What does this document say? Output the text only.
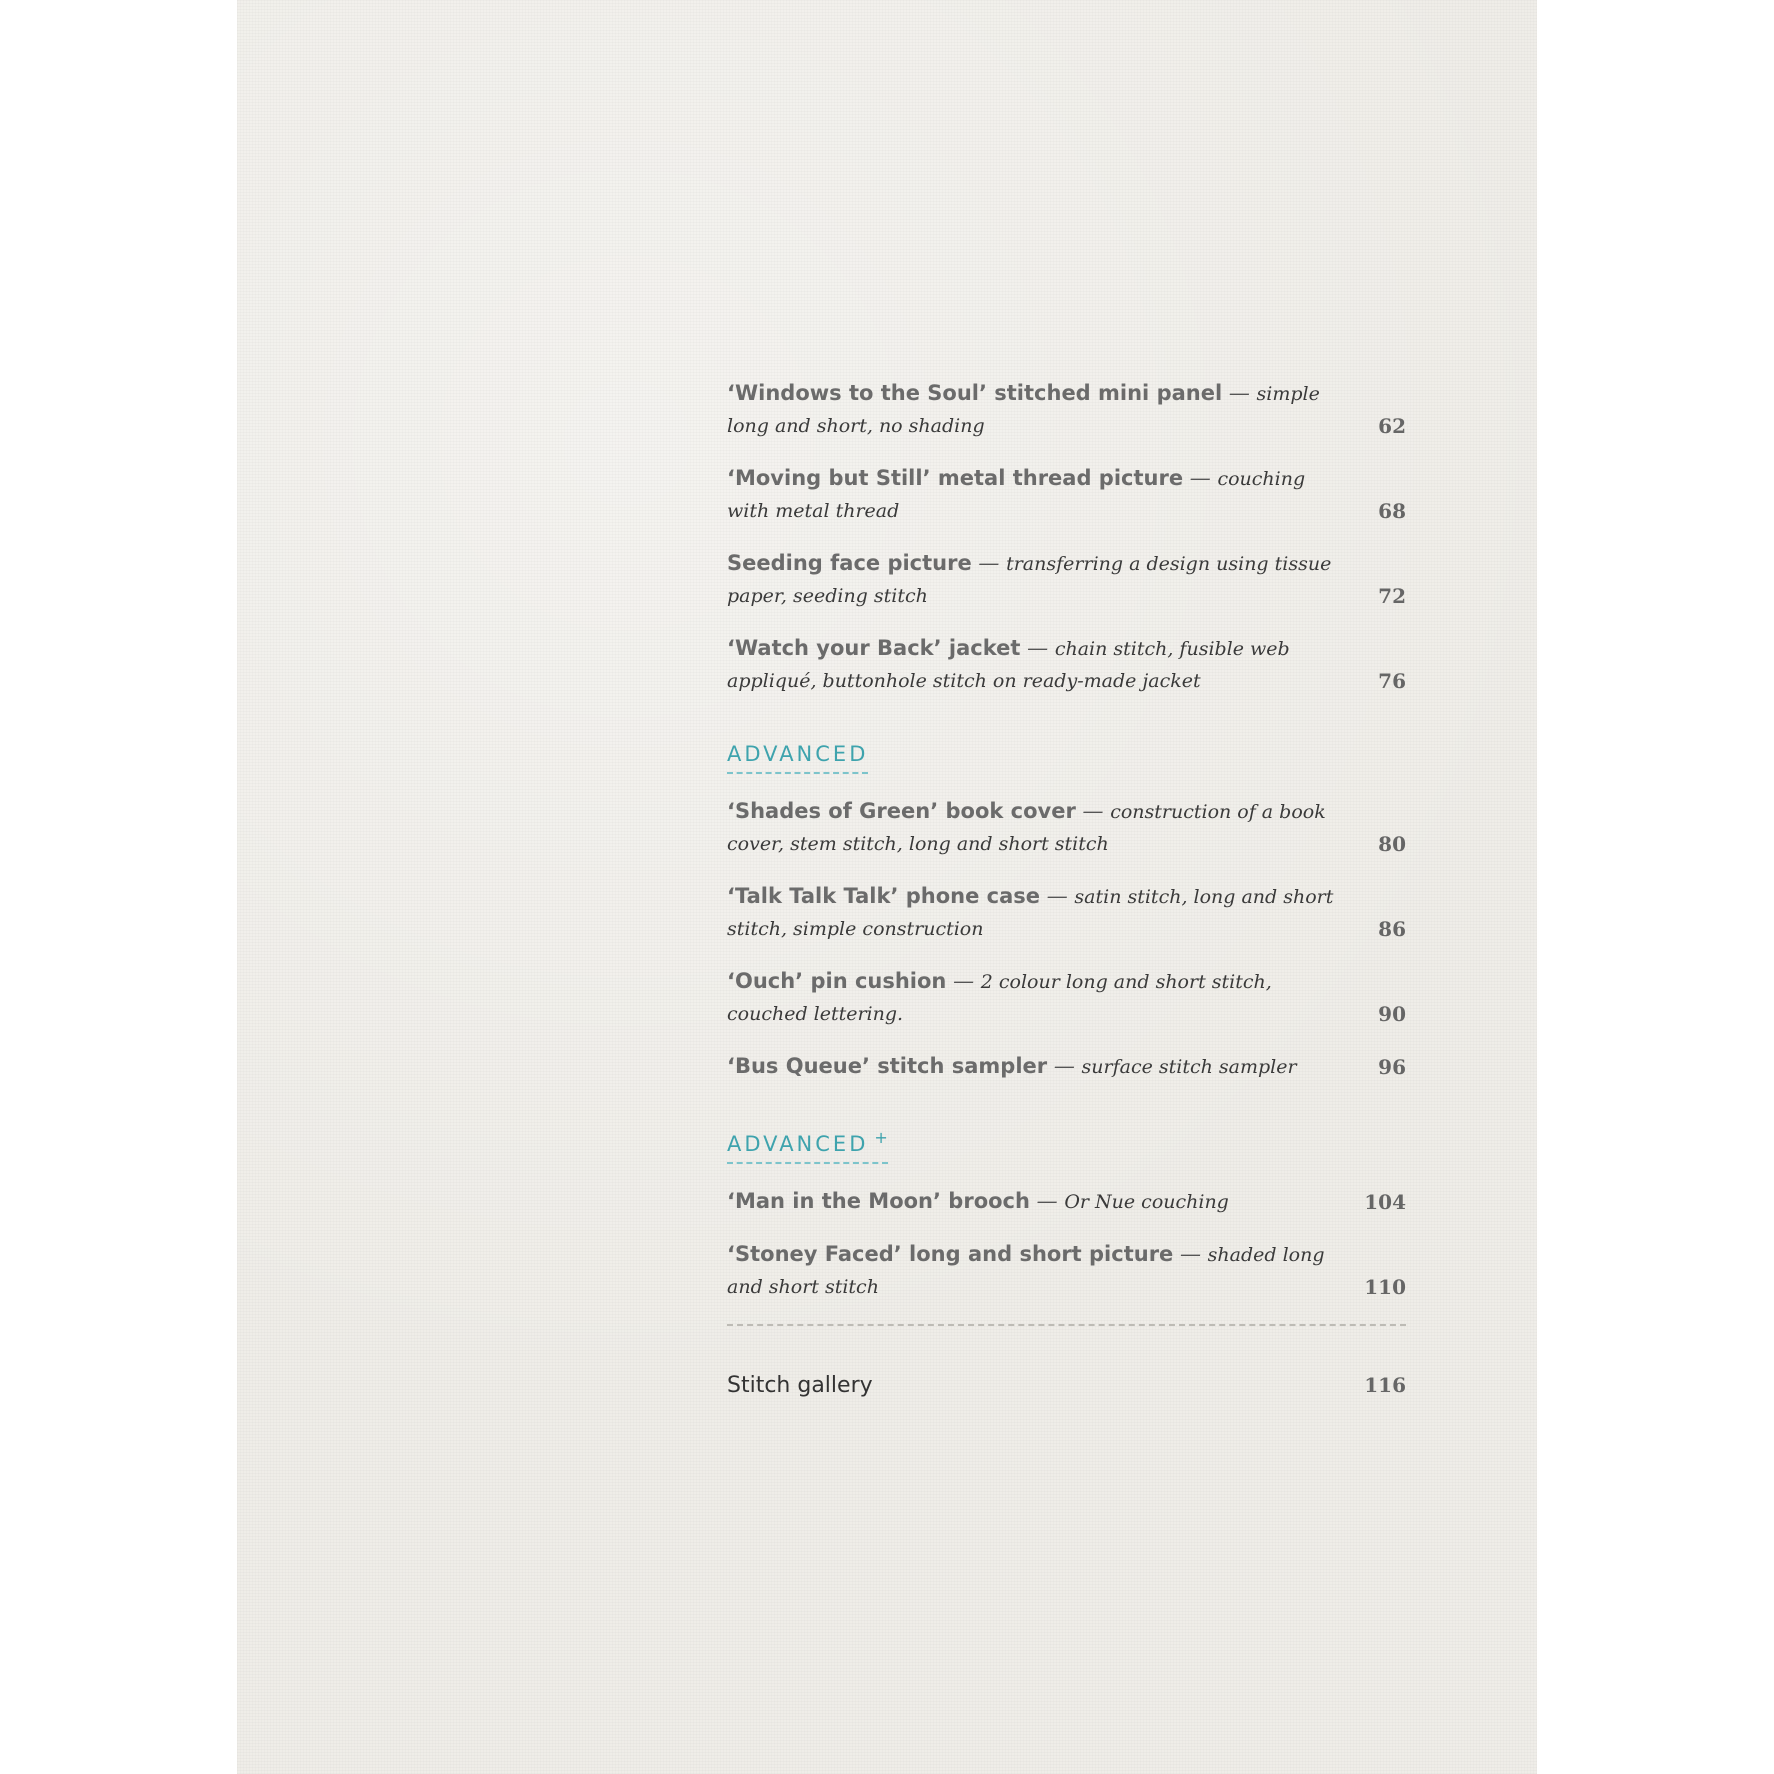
‘Windows to the Soul’ stitched mini panel — simple long and short, no shading	62
‘Moving but Still’ metal thread picture — couching with metal thread	68
Seeding face picture — transferring a design using tissue paper, seeding stitch	72
‘Watch your Back’ jacket — chain stitch, fusible web appliqué, buttonhole stitch on ready-made jacket	76
ADVANCED
‘Shades of Green’ book cover — construction of a book cover, stem stitch, long and short stitch	80
‘Talk Talk Talk’ phone case — satin stitch, long and short stitch, simple construction	86
‘Ouch’ pin cushion — 2 colour long and short stitch, couched lettering.	90
‘Bus Queue’ stitch sampler — surface stitch sampler	96
ADVANCED +
‘Man in the Moon’ brooch — Or Nue couching	104
‘Stoney Faced’ long and short picture — shaded long and short stitch	110
Stitch gallery	116
